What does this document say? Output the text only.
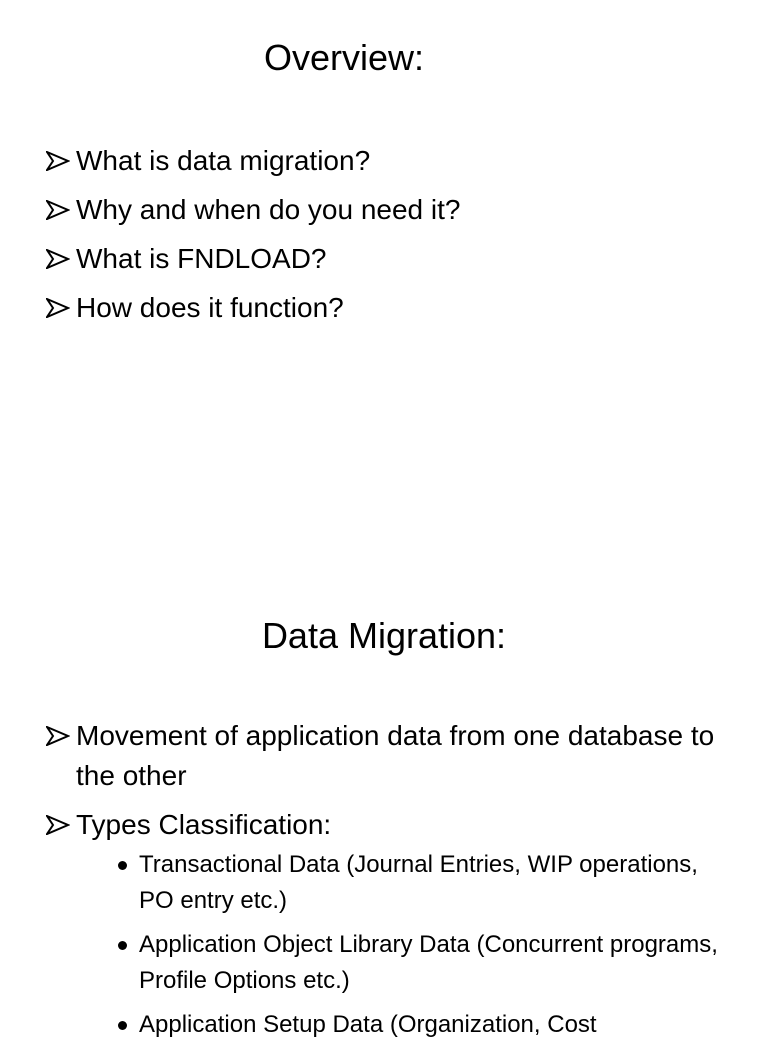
Overview:
What is data migration?
Why and when do you need it?
What is FNDLOAD?
How does it function?
Data Migration:
Movement of application data from one database to the other
Types Classification:
Transactional Data (Journal Entries, WIP operations, PO entry etc.)
Application Object Library Data (Concurrent programs, Profile Options etc.)
Application Setup Data (Organization, Cost
